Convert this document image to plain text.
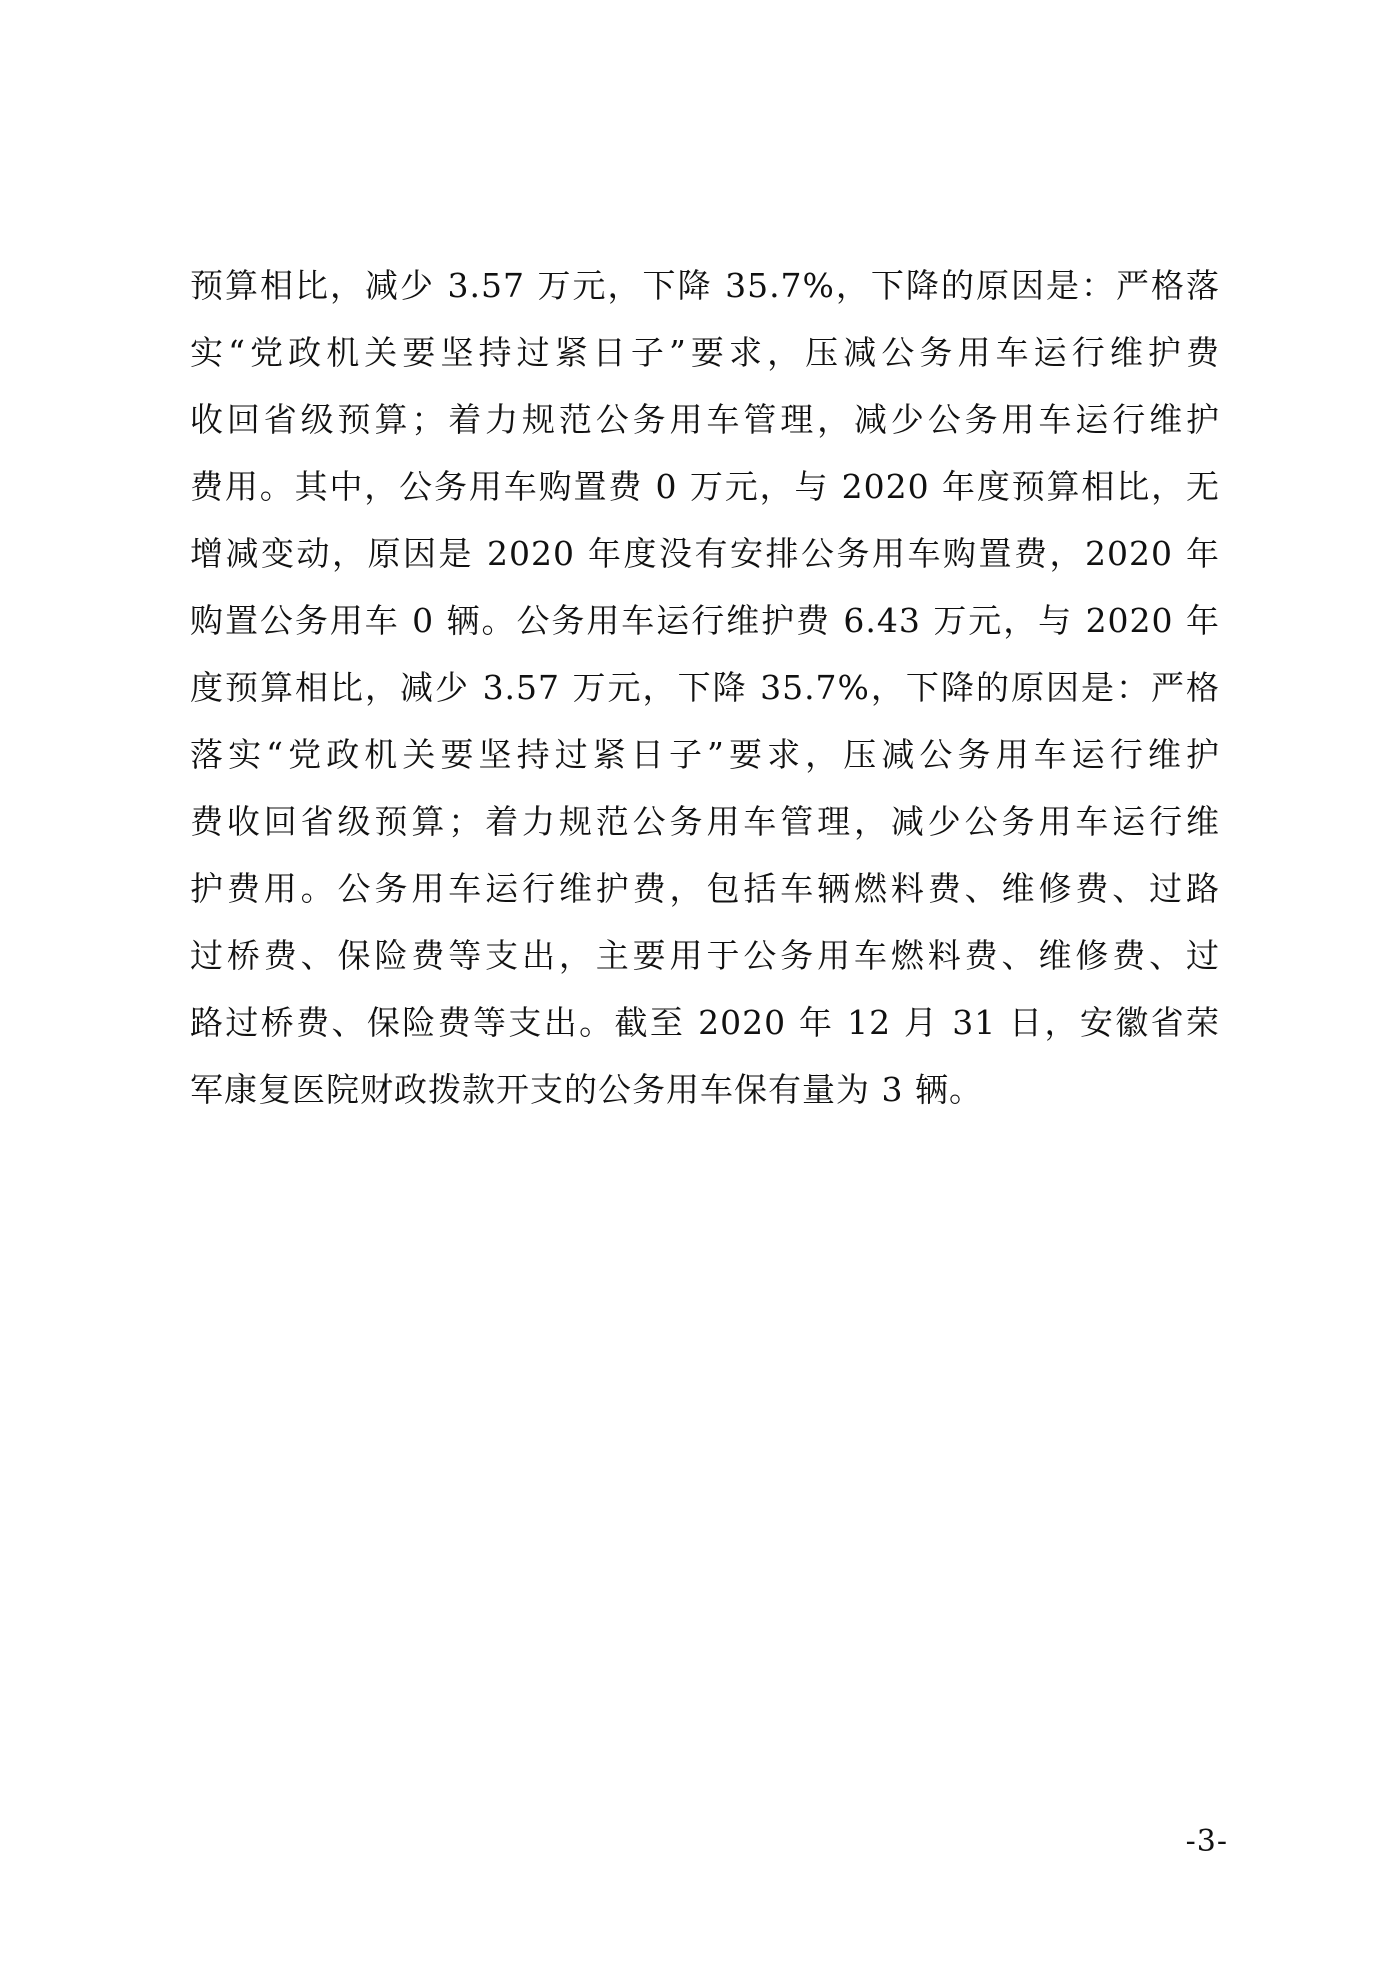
预算相比，减少 3.57 万元，下降 35.7%，下降的原因是：严格落
实“党政机关要坚持过紧日子”要求，压减公务用车运行维护费
收回省级预算；着力规范公务用车管理，减少公务用车运行维护
费用。其中，公务用车购置费 0 万元，与 2020 年度预算相比，无
增减变动，原因是 2020 年度没有安排公务用车购置费，2020 年
购置公务用车 0 辆。公务用车运行维护费 6.43 万元，与 2020 年
度预算相比，减少 3.57 万元，下降 35.7%，下降的原因是：严格
落实“党政机关要坚持过紧日子”要求，压减公务用车运行维护
费收回省级预算；着力规范公务用车管理，减少公务用车运行维
护费用。公务用车运行维护费，包括车辆燃料费、维修费、过路
过桥费、保险费等支出，主要用于公务用车燃料费、维修费、过
路过桥费、保险费等支出。截至 2020 年 12 月 31 日，安徽省荣
军康复医院财政拨款开支的公务用车保有量为 3 辆。
-3-
